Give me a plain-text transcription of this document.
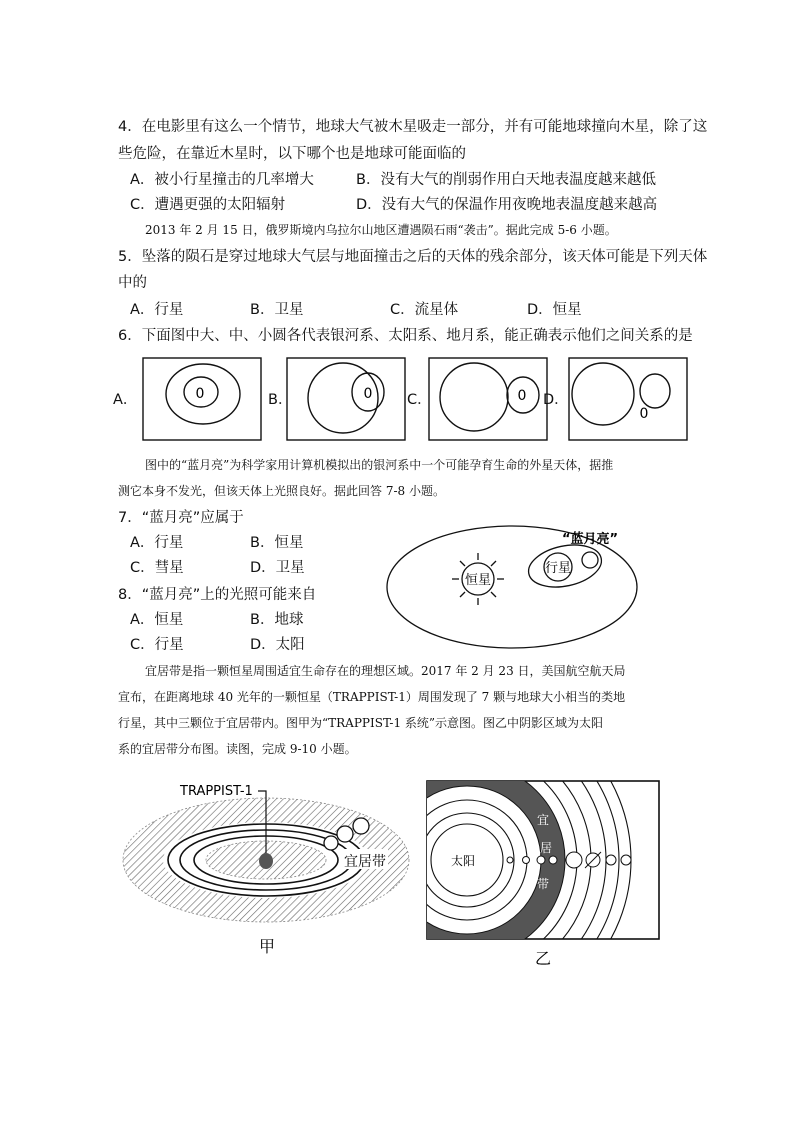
4．在电影里有这么一个情节，地球大气被木星吸走一部分，并有可能地球撞向木星，除了这
些危险，在靠近木星时，以下哪个也是地球可能面临的
A．被小行星撞击的几率增大	B．没有大气的削弱作用白天地表温度越来越低
C．遭遇更强的太阳辐射	D．没有大气的保温作用夜晚地表温度越来越高
2013 年 2 月 15 日，俄罗斯境内乌拉尔山地区遭遇陨石雨“袭击”。据此完成 5-6 小题。
5．坠落的陨石是穿过地球大气层与地面撞击之后的天体的残余部分，该天体可能是下列天体
中的
A．行星	B．卫星	C．流星体	D．恒星
6．下面图中大、中、小圆各代表银河系、太阳系、地月系，能正确表示他们之间关系的是
A．	B．	C．	D．
0	0	0
0
图中的“蓝月亮”为科学家用计算机模拟出的银河系中一个可能孕育生命的外星天体，据推
测它本身不发光，但该天体上光照良好。据此回答 7-8 小题。
7．“蓝月亮”应属于
A．行星	B．恒星
C．彗星	D．卫星
8．“蓝月亮”上的光照可能来自
A．恒星	B．地球
C．行星	D．太阳
恒星
行星
“蓝月亮”
宜居带是指一颗恒星周围适宜生命存在的理想区域。2017 年 2 月 23 日，美国航空航天局
宣布，在距离地球 40 光年的一颗恒星（TRAPPIST-1）周围发现了 7 颗与地球大小相当的类地
行星，其中三颗位于宜居带内。图甲为“TRAPPIST-1 系统”示意图。图乙中阴影区域为太阳
系的宜居带分布图。读图，完成 9-10 小题。
TRAPPIST-1
宜居带
甲
太阳
宜
居
带
乙
